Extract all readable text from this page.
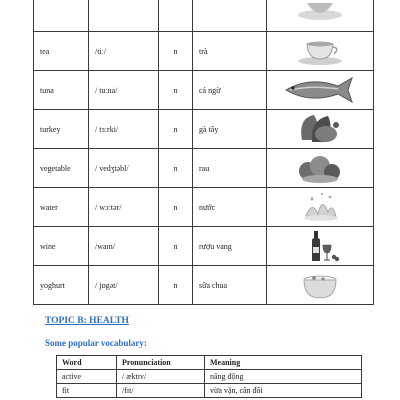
tea	/tiː/	n	trà	

tuna	/ tuːna/	n	cá ngừ	

turkey	/ tɜːrki/	n	gà tây	

vegetable	/ vedʒtəbl/	n	rau	

water	/ wɔːtər/	n	nước	

wine	/waɪn/	n	rượu vang	

yoghurt	/ jɒgət/	n	sữa chua	
TOPIC B: HEALTH
Some popular vocabulary:
Word	Pronunciation	Meaning
active	/ æktɪv/	năng động
fit	/fɪt/	vừa vặn, cân đối
